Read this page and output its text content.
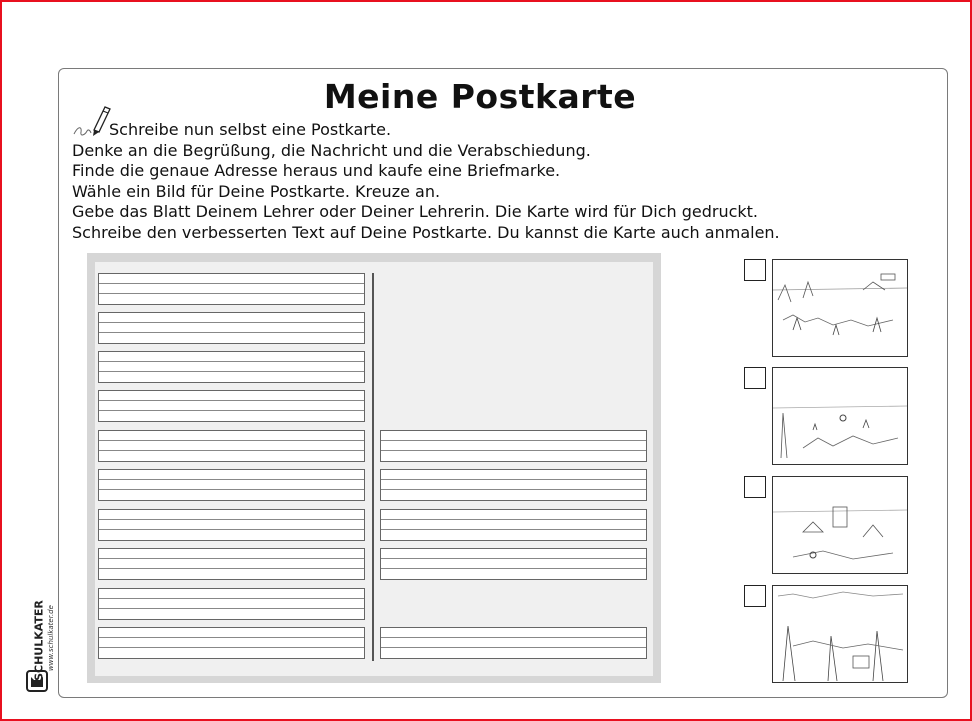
Meine Postkarte
Schreibe nun selbst eine Postkarte.
Denke an die Begrüßung, die Nachricht und die Verabschiedung.
Finde die genaue Adresse heraus und kaufe eine Briefmarke.
Wähle ein Bild für Deine Postkarte. Kreuze an.
Gebe das Blatt Deinem Lehrer oder Deiner Lehrerin. Die Karte wird für Dich gedruckt.
Schreibe den verbesserten Text auf Deine Postkarte. Du kannst die Karte auch anmalen.
SCHULKATER www.schulkater.de
Einfach, Einzeln, Stark - Pedagogy of Lehrer
